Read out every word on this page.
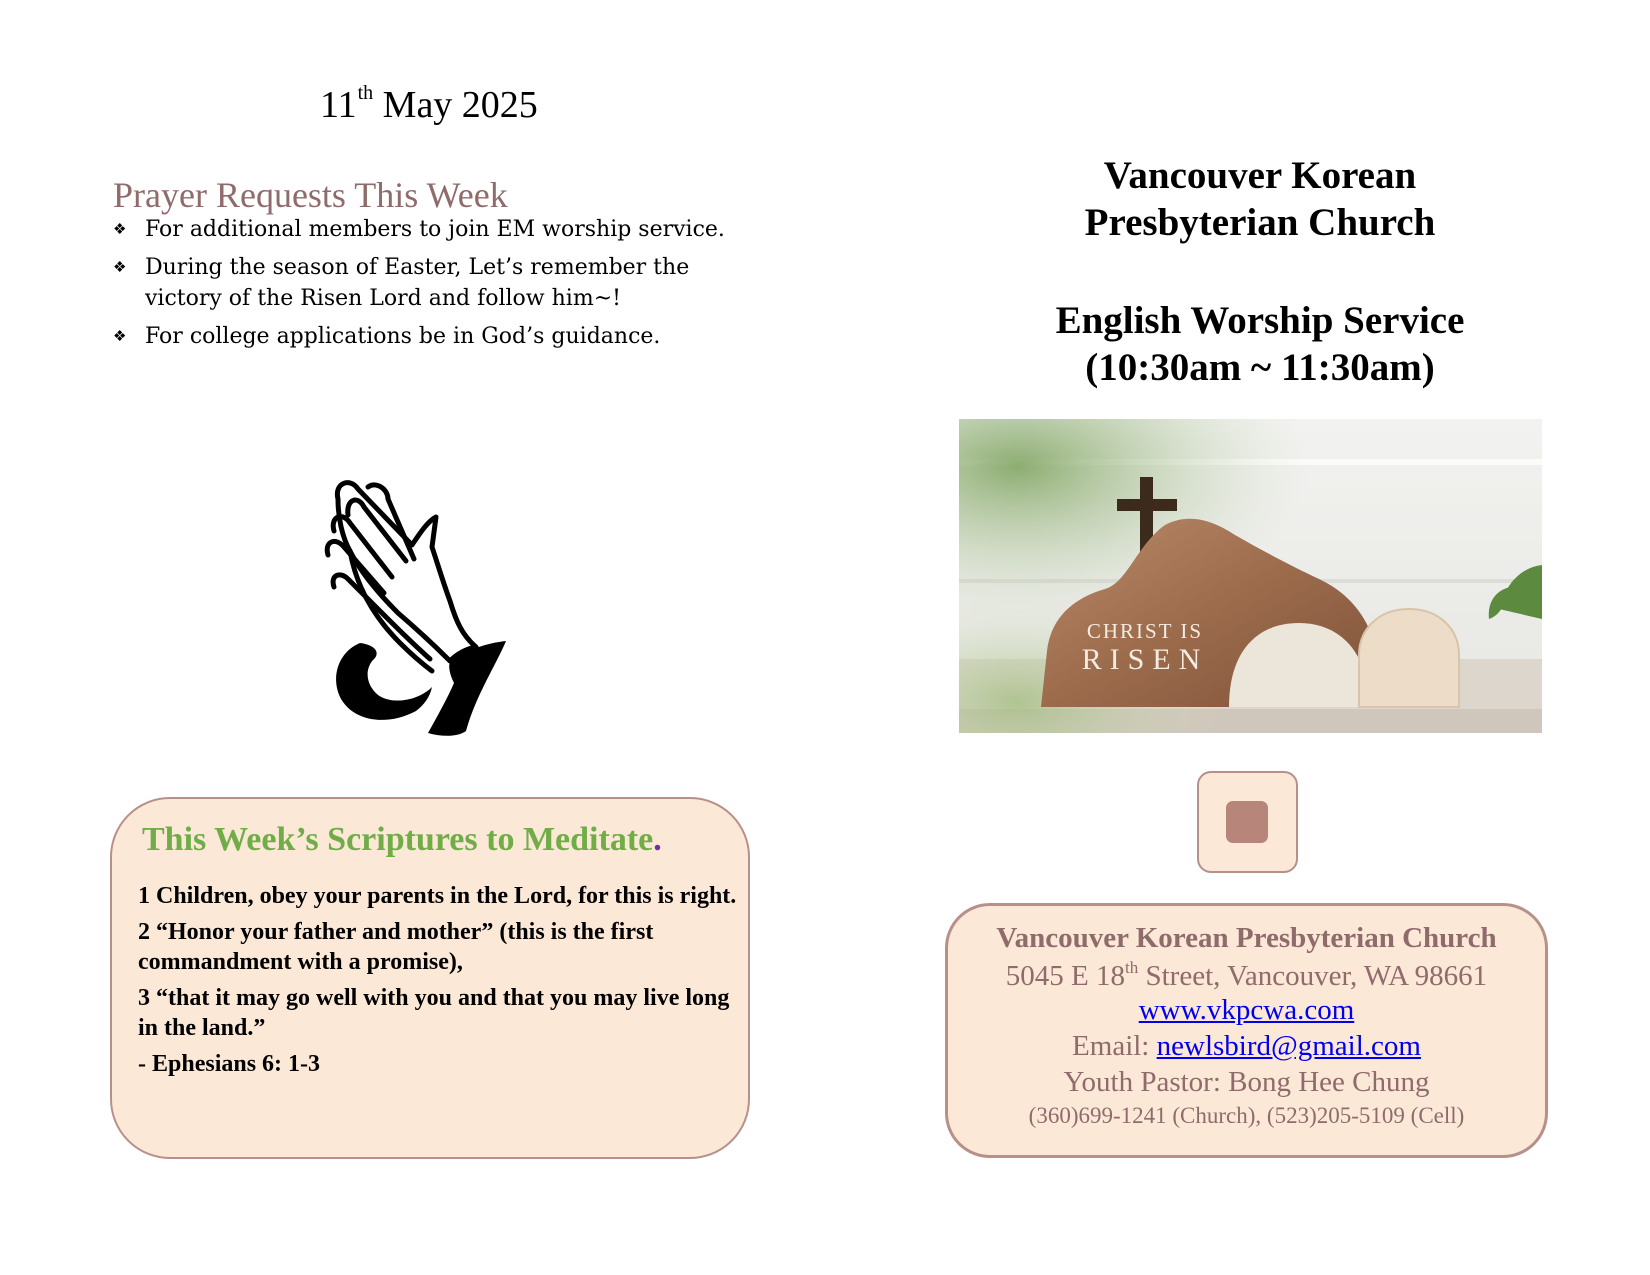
11th May 2025
Prayer Requests This Week
❖ For additional members to join EM worship service.
❖ During the season of Easter, Let’s remember the victory of the Risen Lord and follow him~!
❖ For college applications be in God’s guidance.
This Week’s Scriptures to Meditate.

1 Children, obey your parents in the Lord, for this is right.

2 “Honor your father and mother” (this is the first commandment with a promise),

3 “that it may go well with you and that you may live long in the land.”

- Ephesians 6: 1-3

Vancouver Korean
Presbyterian Church
English Worship Service
(10:30am ~ 11:30am)
CHRIST IS
RISEN
Vancouver Korean Presbyterian Church
5045 E 18th Street, Vancouver, WA 98661
www.vkpcwa.com
Email: newlsbird@gmail.com
Youth Pastor: Bong Hee Chung
(360)699-1241 (Church), (523)205-5109 (Cell)
